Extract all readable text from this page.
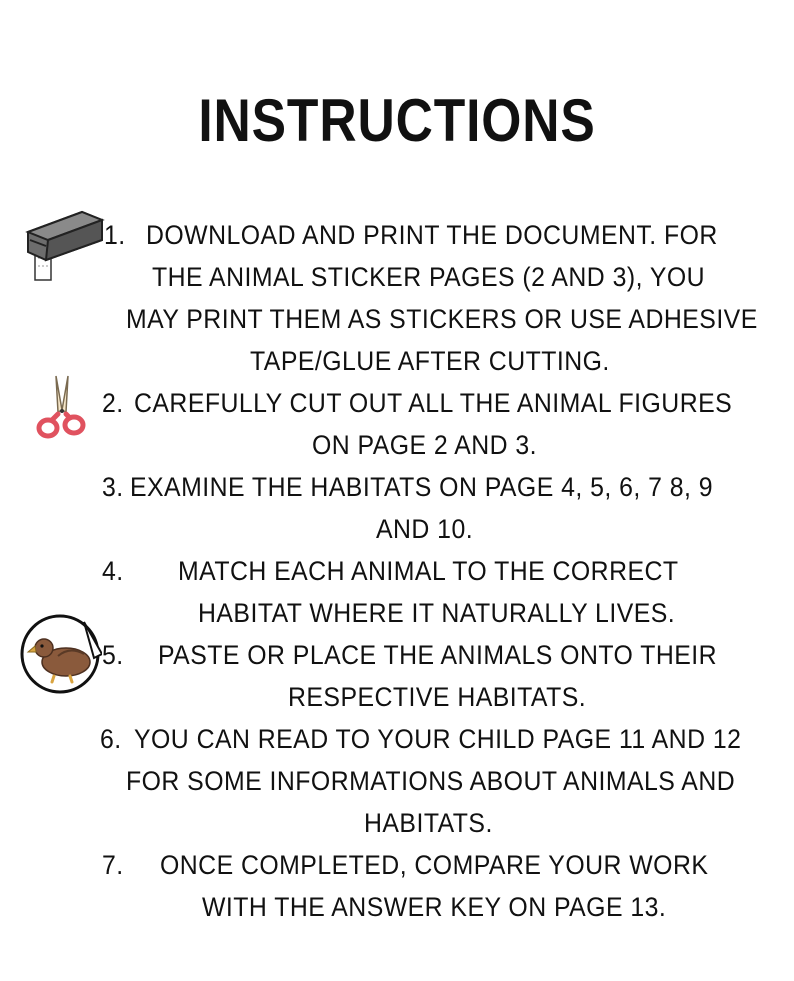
INSTRUCTIONS
1. DOWNLOAD AND PRINT THE DOCUMENT. FOR
THE ANIMAL STICKER PAGES (2 AND 3), YOU
MAY PRINT THEM AS STICKERS OR USE ADHESIVE
TAPE/GLUE AFTER CUTTING.
2. CAREFULLY CUT OUT ALL THE ANIMAL FIGURES
ON PAGE 2 AND 3.
3. EXAMINE THE HABITATS ON PAGE 4, 5, 6, 7 8, 9
AND 10.
4. MATCH EACH ANIMAL TO THE CORRECT
HABITAT WHERE IT NATURALLY LIVES.
5. PASTE OR PLACE THE ANIMALS ONTO THEIR
RESPECTIVE HABITATS.
6. YOU CAN READ TO YOUR CHILD PAGE 11 AND 12
FOR SOME INFORMATIONS ABOUT ANIMALS AND
HABITATS.
7. ONCE COMPLETED, COMPARE YOUR WORK
WITH THE ANSWER KEY ON PAGE 13.
